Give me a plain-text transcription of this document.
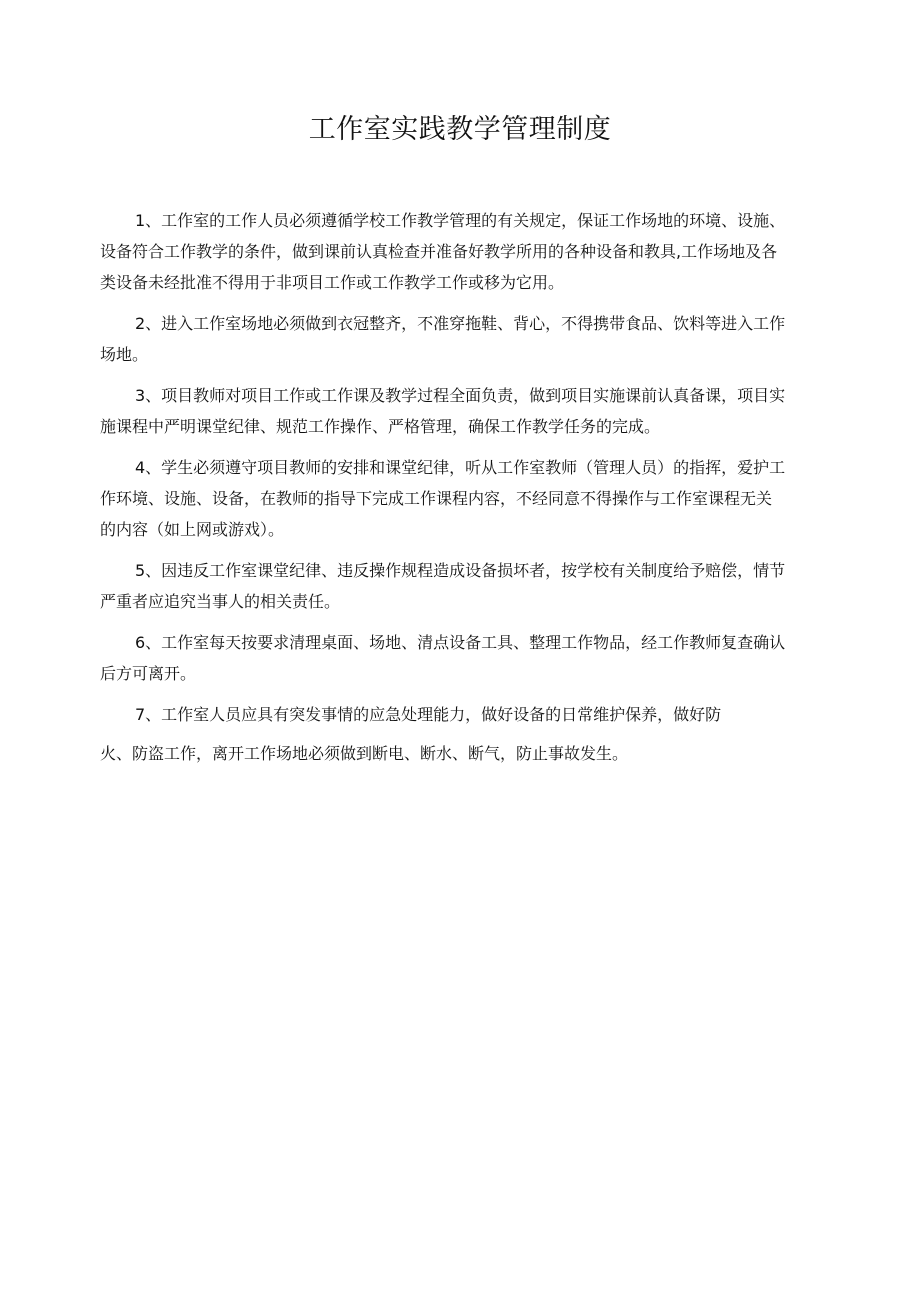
工作室实践教学管理制度

1、工作室的工作人员必须遵循学校工作教学管理的有关规定，保证工作场地的环境、设施、
设备符合工作教学的条件，做到课前认真检查并准备好教学所用的各种设备和教具,工作场地及各
类设备未经批准不得用于非项目工作或工作教学工作或移为它用。

2、进入工作室场地必须做到衣冠整齐，不准穿拖鞋、背心，不得携带食品、饮料等进入工作
场地。

3、项目教师对项目工作或工作课及教学过程全面负责，做到项目实施课前认真备课，项目实
施课程中严明课堂纪律、规范工作操作、严格管理，确保工作教学任务的完成。

4、学生必须遵守项目教师的安排和课堂纪律，听从工作室教师（管理人员）的指挥，爱护工
作环境、设施、设备，在教师的指导下完成工作课程内容，不经同意不得操作与工作室课程无关
的内容（如上网或游戏）。

5、因违反工作室课堂纪律、违反操作规程造成设备损坏者，按学校有关制度给予赔偿，情节
严重者应追究当事人的相关责任。

6、工作室每天按要求清理桌面、场地、清点设备工具、整理工作物品，经工作教师复查确认
后方可离开。

7、工作室人员应具有突发事情的应急处理能力，做好设备的日常维护保养，做好防
火、防盗工作，离开工作场地必须做到断电、断水、断气，防止事故发生。
